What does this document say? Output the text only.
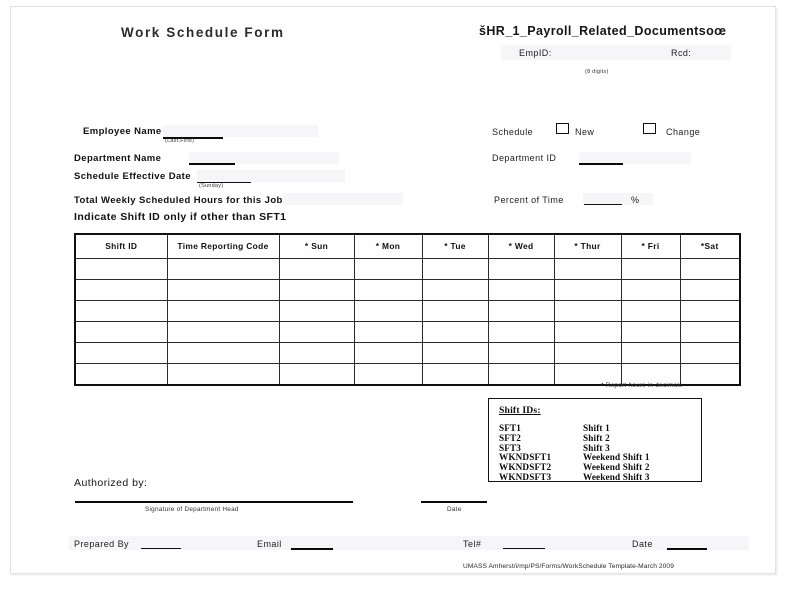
Work Schedule Form	šHR_1_Payroll_Related_Documentsoœ
EmpID:	Rcd:
(8 digits)
Employee Name
(Last,First)
Department Name
Schedule Effective Date
(Sunday)
Total Weekly Scheduled Hours for this Job
Schedule	New	Change
Department ID
Percent of Time	%
Indicate Shift ID only if other than SFT1
Shift ID	Time Reporting Code	* Sun	* Mon	* Tue	* Wed	* Thur	* Fri	*Sat

* Report hours in decimals
Shift IDs:
SFT1	Shift 1
SFT2	Shift 2
SFT3	Shift 3
WKNDSFT1	Weekend Shift 1
WKNDSFT2	Weekend Shift 2
WKNDSFT3	Weekend Shift 3
Authorized by:
Signature of Department Head	Date
Prepared By	Email	Tel#	Date
UMASS Amherst/i/mp/PS/Forms/WorkSchedule Template-March 2009
